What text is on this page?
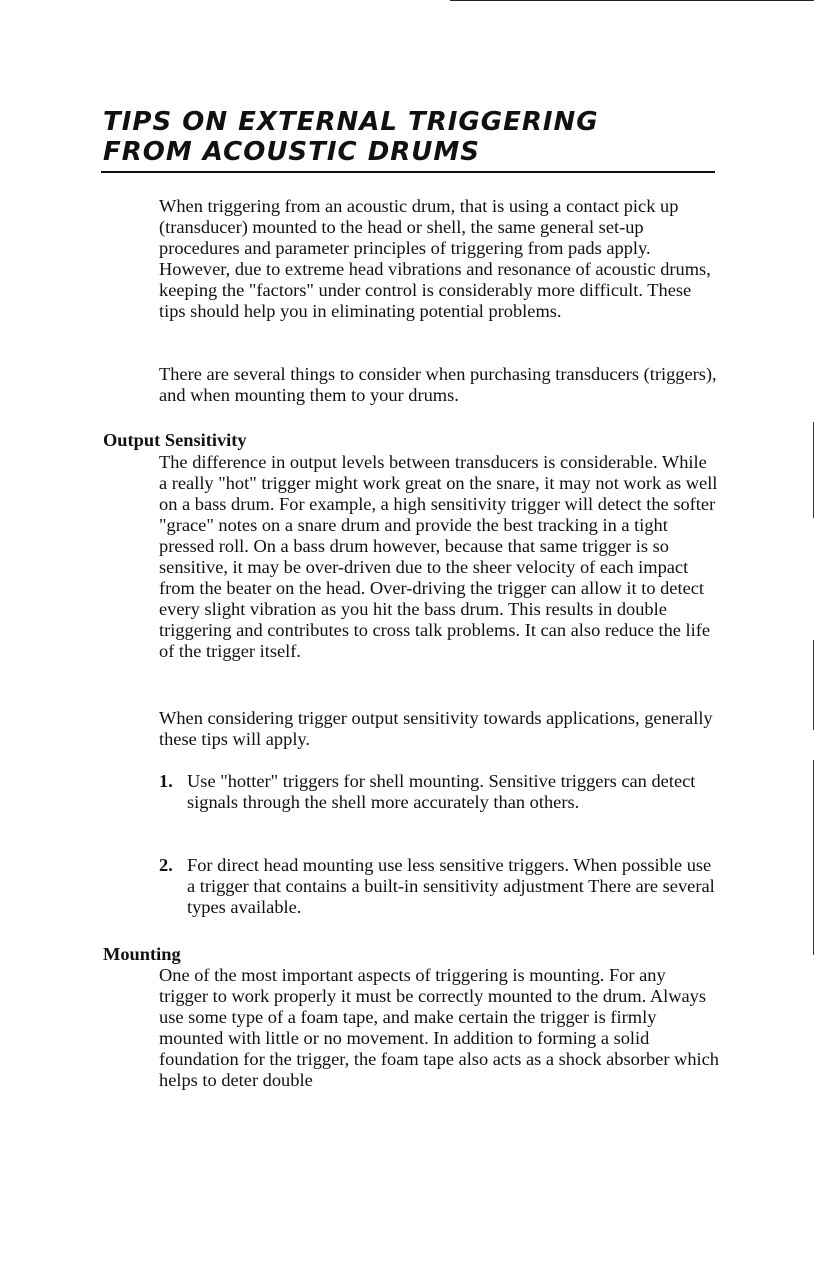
TIPS ON EXTERNAL TRIGGERING
FROM ACOUSTIC DRUMS

When triggering from an acoustic drum, that is using a contact pick up (transducer) mounted to the head or shell, the same general set-up procedures and parameter principles of triggering from pads apply. However, due to extreme head vibrations and resonance of acoustic drums, keeping the "factors" under control is considerably more difficult. These tips should help you in eliminating potential problems.

There are several things to consider when purchasing transducers (triggers), and when mounting them to your drums.

Output Sensitivity

The difference in output levels between transducers is considerable. While a really "hot" trigger might work great on the snare, it may not work as well on a bass drum. For example, a high sensitivity trigger will detect the softer "grace" notes on a snare drum and provide the best tracking in a tight pressed roll. On a bass drum however, because that same trigger is so sensitive, it may be over-driven due to the sheer velocity of each impact from the beater on the head. Over-driving the trigger can allow it to detect every slight vibration as you hit the bass drum. This results in double triggering and contributes to cross talk problems. It can also reduce the life of the trigger itself.

When considering trigger output sensitivity towards applications, generally these tips will apply.

1. Use "hotter" triggers for shell mounting. Sensitive triggers can detect signals through the shell more accurately than others.

2. For direct head mounting use less sensitive triggers. When possible use a trigger that contains a built-in sensitivity adjustment There are several types available.

Mounting

One of the most important aspects of triggering is mounting. For any trigger to work properly it must be correctly mounted to the drum. Always use some type of a foam tape, and make certain the trigger is firmly mounted with little or no movement. In addition to forming a solid foundation for the trigger, the foam tape also acts as a shock absorber which helps to deter double
